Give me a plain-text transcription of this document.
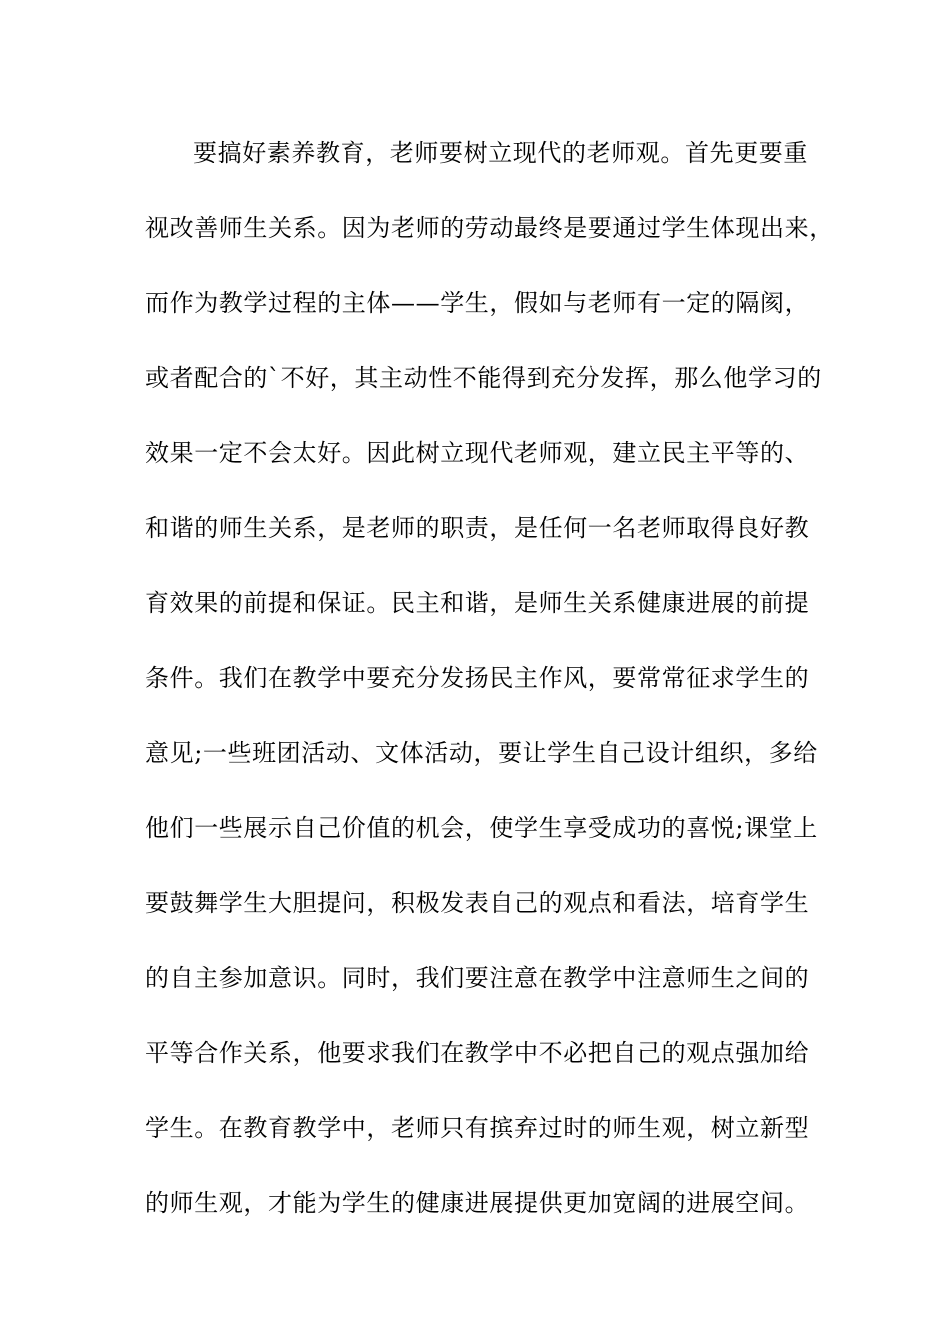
要搞好素养教育，老师要树立现代的老师观。首先更要重
视改善师生关系。因为老师的劳动最终是要通过学生体现出来，
而作为教学过程的主体——学生，假如与老师有一定的隔阂，
或者配合的`不好，其主动性不能得到充分发挥，那么他学习的
效果一定不会太好。因此树立现代老师观，建立民主平等的、
和谐的师生关系，是老师的职责，是任何一名老师取得良好教
育效果的前提和保证。民主和谐，是师生关系健康进展的前提
条件。我们在教学中要充分发扬民主作风，要常常征求学生的
意见;一些班团活动、文体活动，要让学生自己设计组织，多给
他们一些展示自己价值的机会，使学生享受成功的喜悦;课堂上
要鼓舞学生大胆提问，积极发表自己的观点和看法，培育学生
的自主参加意识。同时，我们要注意在教学中注意师生之间的
平等合作关系，他要求我们在教学中不必把自己的观点强加给
学生。在教育教学中，老师只有摈弃过时的师生观，树立新型
的师生观，才能为学生的健康进展提供更加宽阔的进展空间。
